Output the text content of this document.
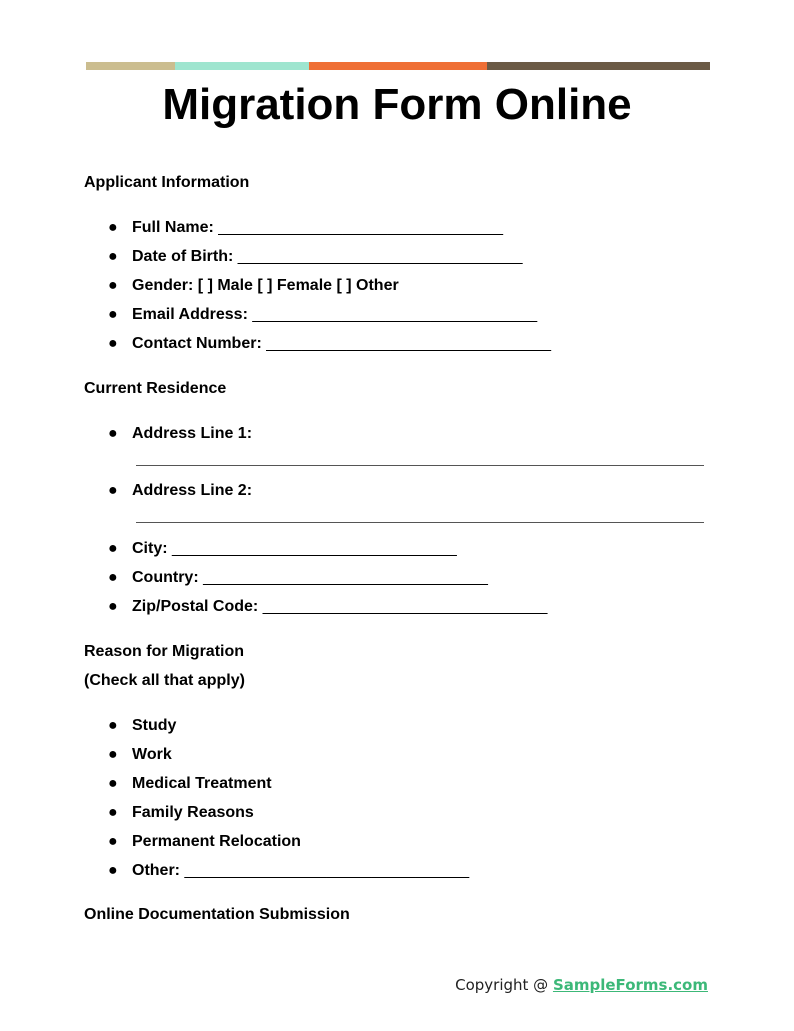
Migration Form Online
Applicant Information
● Full Name: ________________________________
● Date of Birth: ________________________________
● Gender: [ ] Male [ ] Female [ ] Other
● Email Address: ________________________________
● Contact Number: ________________________________
Current Residence
● Address Line 1:
● Address Line 2:
● City: ________________________________
● Country: ________________________________
● Zip/Postal Code: ________________________________
Reason for Migration
(Check all that apply)
● Study
● Work
● Medical Treatment
● Family Reasons
● Permanent Relocation
● Other: ________________________________
Online Documentation Submission
Copyright @ SampleForms.com
